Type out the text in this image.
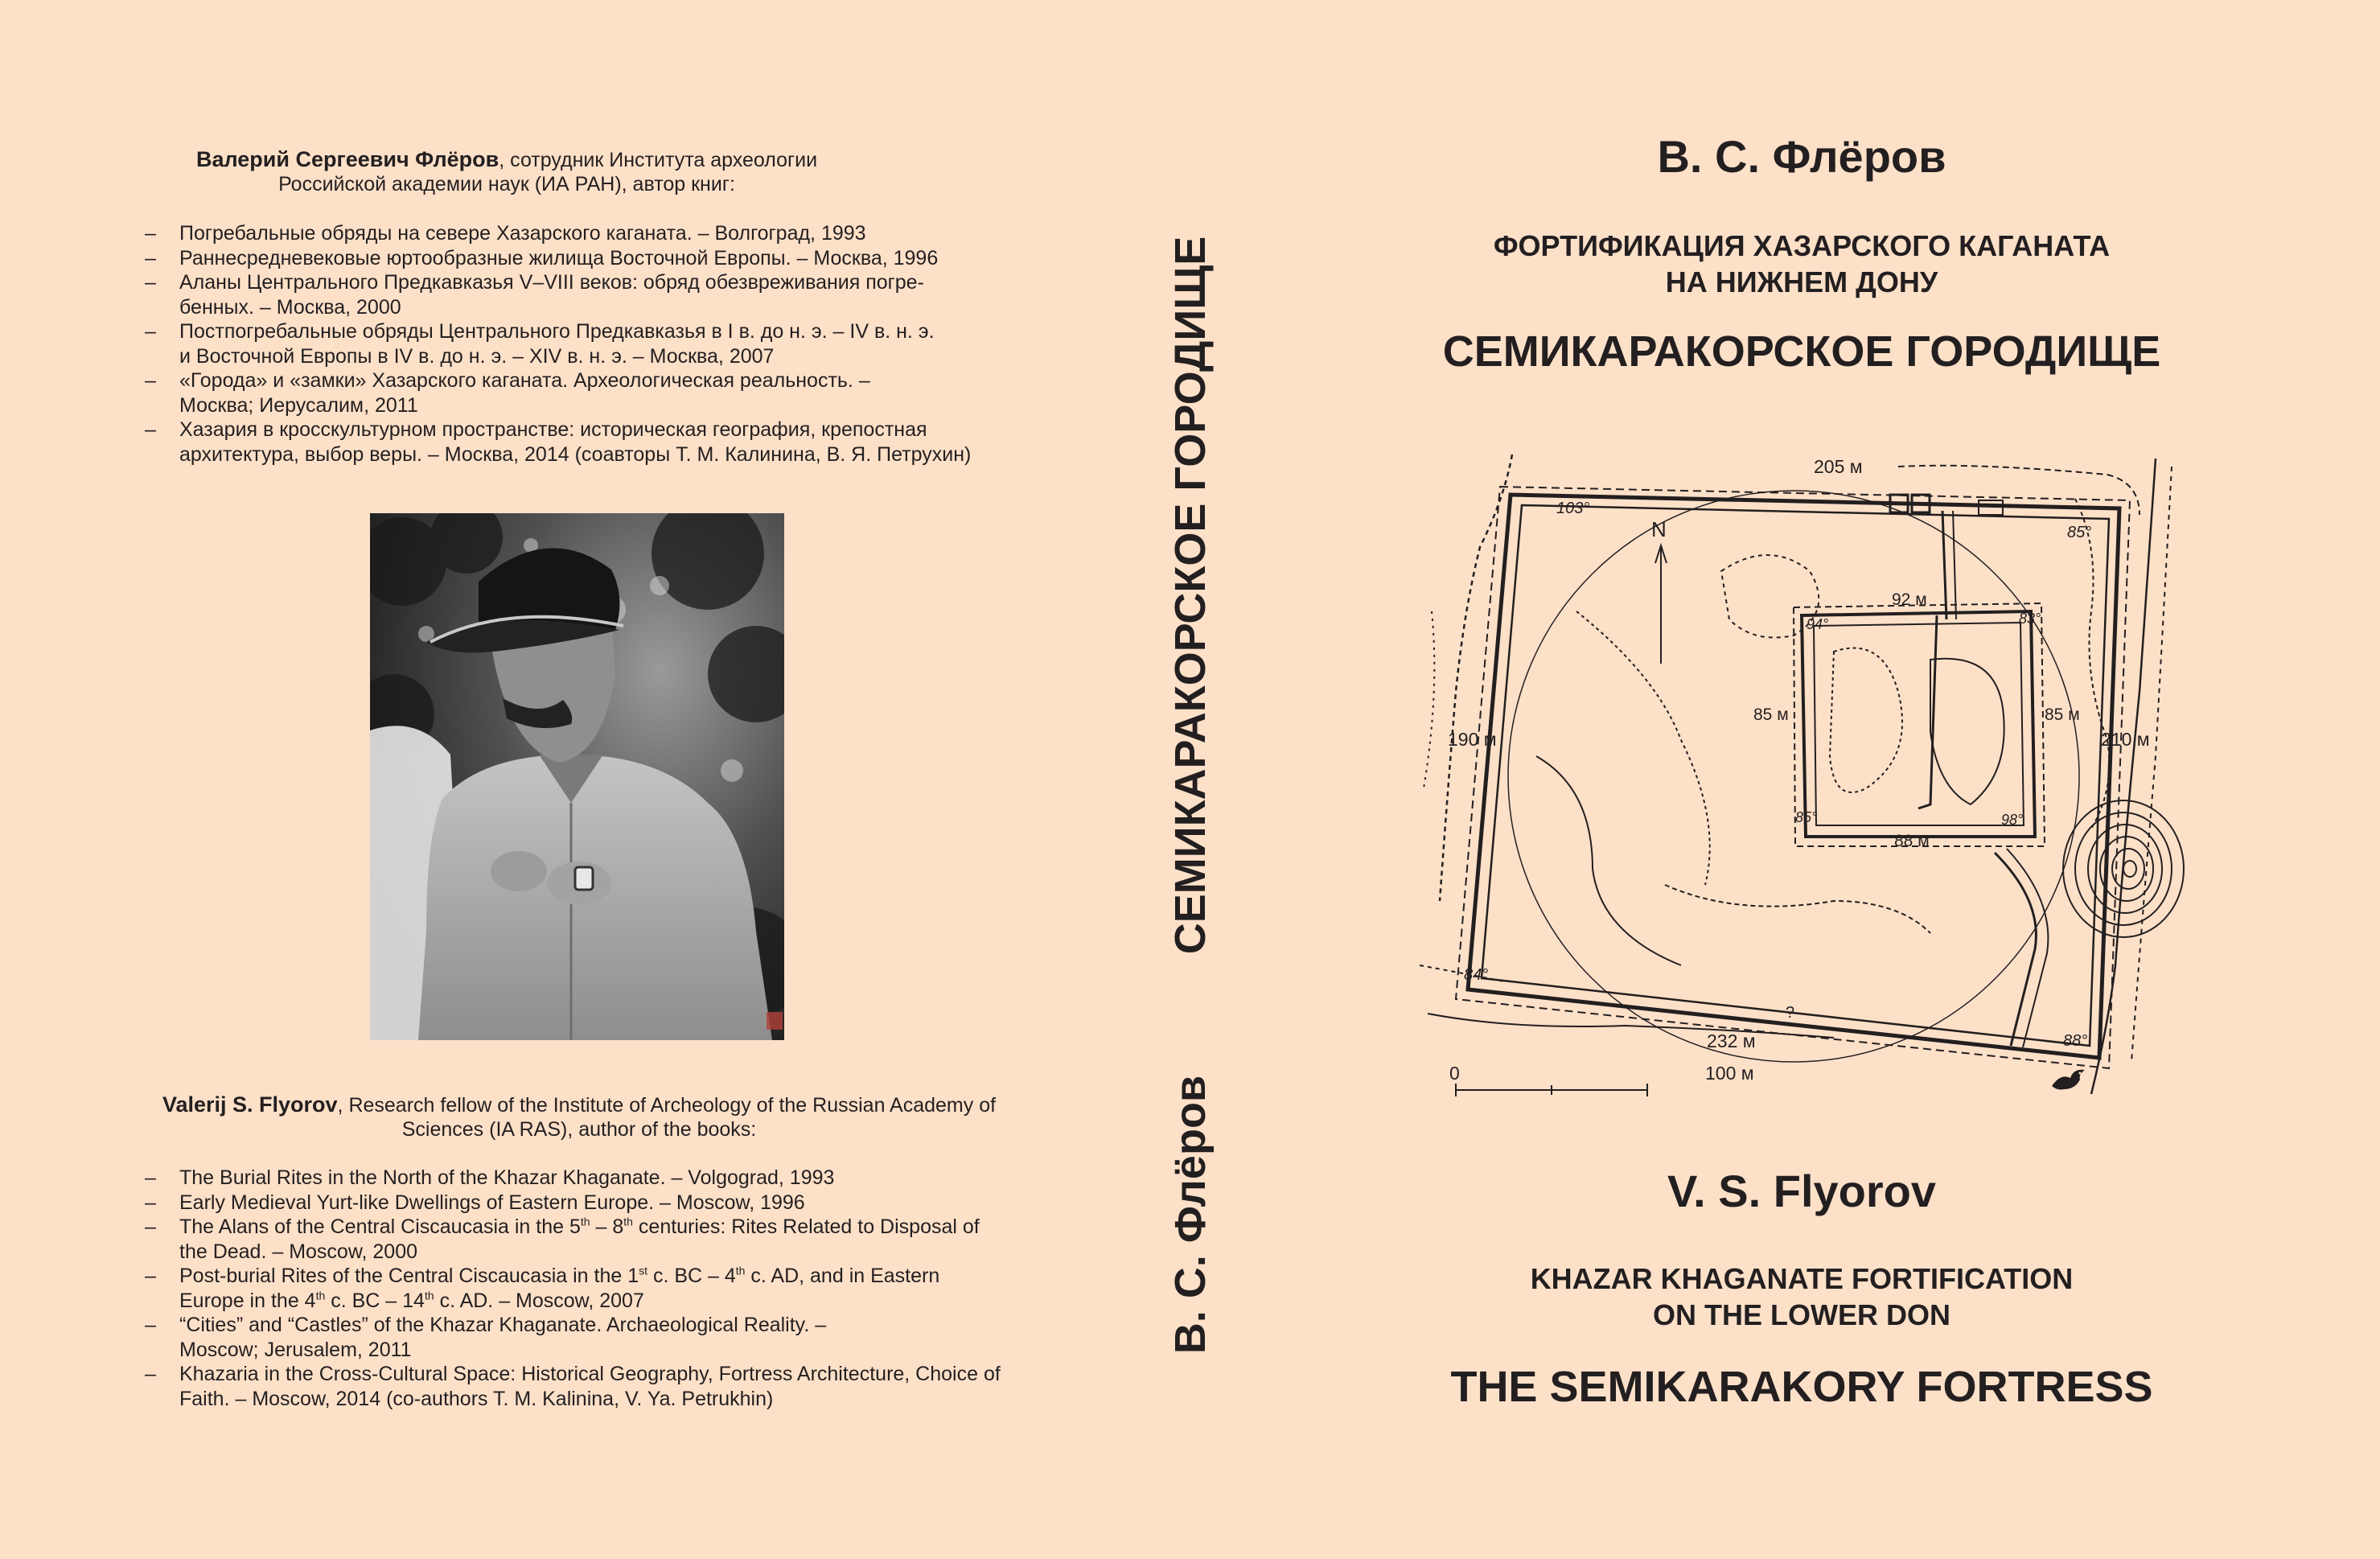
Валерий Сергеевич Флёров, сотрудник Института археологии
Российской академии наук (ИА РАН), автор книг:
– Погребальные обряды на севере Хазарского каганата. – Волгоград, 1993
– Раннесредневековые юртообразные жилища Восточной Европы. – Москва, 1996
– Аланы Центрального Предкавказья V–VIII веков: обряд обезвреживания погре-
бенных. – Москва, 2000
– Постпогребальные обряды Центрального Предкавказья в I в. до н. э. – IV в. н. э.
и Восточной Европы в IV в. до н. э. – XIV в. н. э. – Москва, 2007
– «Города» и «замки» Хазарского каганата. Археологическая реальность. –
Москва; Иерусалим, 2011
– Хазария в кросскультурном пространстве: историческая география, крепостная
архитектура, выбор веры. – Москва, 2014 (соавторы Т. М. Калинина, В. Я. Петрухин)
Valerij S. Flyorov, Research fellow of the Institute of Archeology of the Russian Academy of
Sciences (IA RAS), author of the books:
– The Burial Rites in the North of the Khazar Khaganate. – Volgograd, 1993
– Early Medieval Yurt-like Dwellings of Eastern Europe. – Moscow, 1996
– The Alans of the Central Ciscaucasia in the 5th – 8th centuries: Rites Related to Disposal of
the Dead. – Moscow, 2000
– Post-burial Rites of the Central Ciscaucasia in the 1st c. BC – 4th c. AD, and in Eastern
Europe in the 4th c. BC – 14th c. AD. – Moscow, 2007
– “Cities” and “Castles” of the Khazar Khaganate. Archaeological Reality. –
Moscow; Jerusalem, 2011
– Khazaria in the Cross-Cultural Space: Historical Geography, Fortress Architecture, Choice of
Faith. – Moscow, 2014 (co-authors T. M. Kalinina, V. Ya. Petrukhin)
СЕМИКАРАКОРСКОЕ ГОРОДИЩЕ
В. С. Флёров
В. С. Флёров
ФОРТИФИКАЦИЯ ХАЗАРСКОГО КАГАНАТА
НА НИЖНЕМ ДОНУ
СЕМИКАРАКОРСКОЕ ГОРОДИЩЕ
N
205 м
190 м	210 м
232 м
92 м
85 м	85 м
88 м
103°
85°
84°
88°
94°	83°
85°	98°
?
0	100 м
V. S. Flyorov
KHAZAR KHAGANATE FORTIFICATION
ON THE LOWER DON
THE SEMIKARAKORY FORTRESS
